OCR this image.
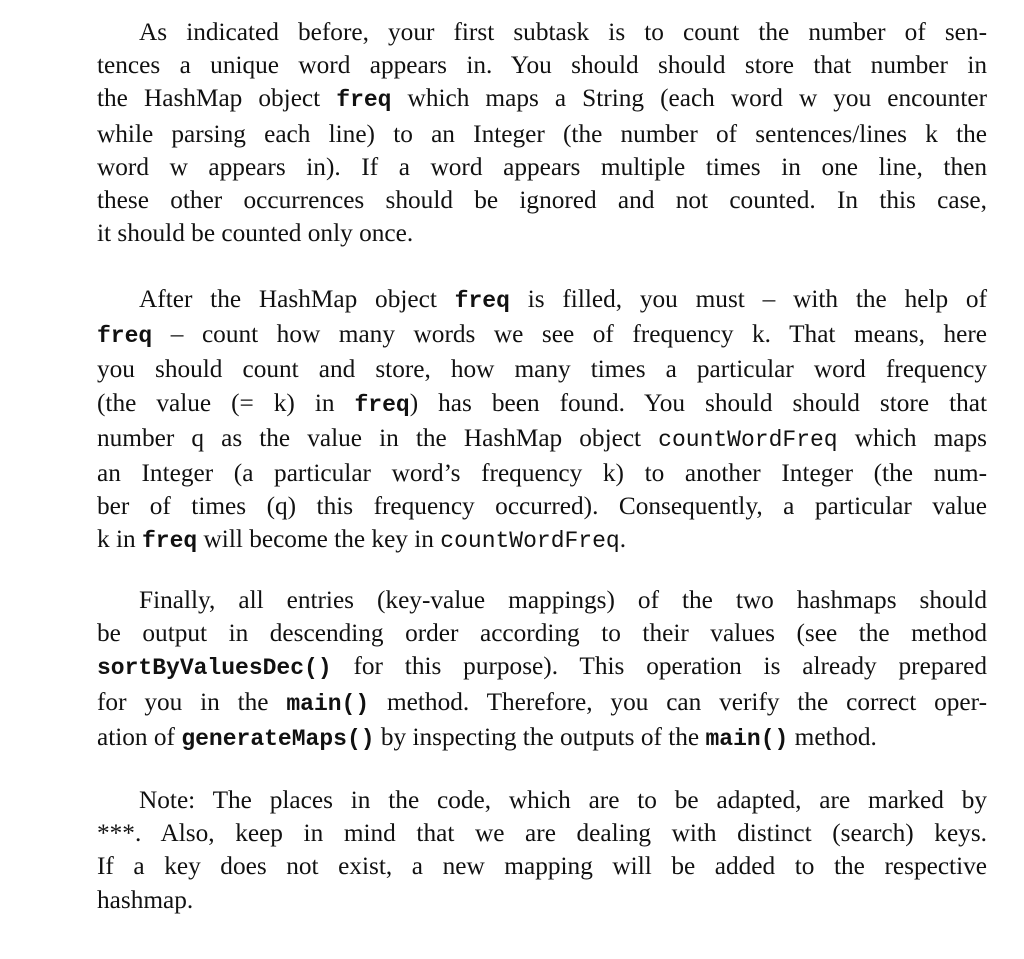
As indicated before, your first subtask is to count the number of sen-
tences a unique word appears in. You should should store that number in
the HashMap object freq which maps a String (each word w you encounter
while parsing each line) to an Integer (the number of sentences/lines k the
word w appears in). If a word appears multiple times in one line, then
these other occurrences should be ignored and not counted. In this case,
it should be counted only once.
After the HashMap object freq is filled, you must – with the help of
freq – count how many words we see of frequency k. That means, here
you should count and store, how many times a particular word frequency
(the value (= k) in freq) has been found. You should should store that
number q as the value in the HashMap object countWordFreq which maps
an Integer (a particular word’s frequency k) to another Integer (the num-
ber of times (q) this frequency occurred). Consequently, a particular value
k in freq will become the key in countWordFreq.
Finally, all entries (key-value mappings) of the two hashmaps should
be output in descending order according to their values (see the method
sortByValuesDec() for this purpose). This operation is already prepared
for you in the main() method. Therefore, you can verify the correct oper-
ation of generateMaps() by inspecting the outputs of the main() method.
Note: The places in the code, which are to be adapted, are marked by
***. Also, keep in mind that we are dealing with distinct (search) keys.
If a key does not exist, a new mapping will be added to the respective
hashmap.
